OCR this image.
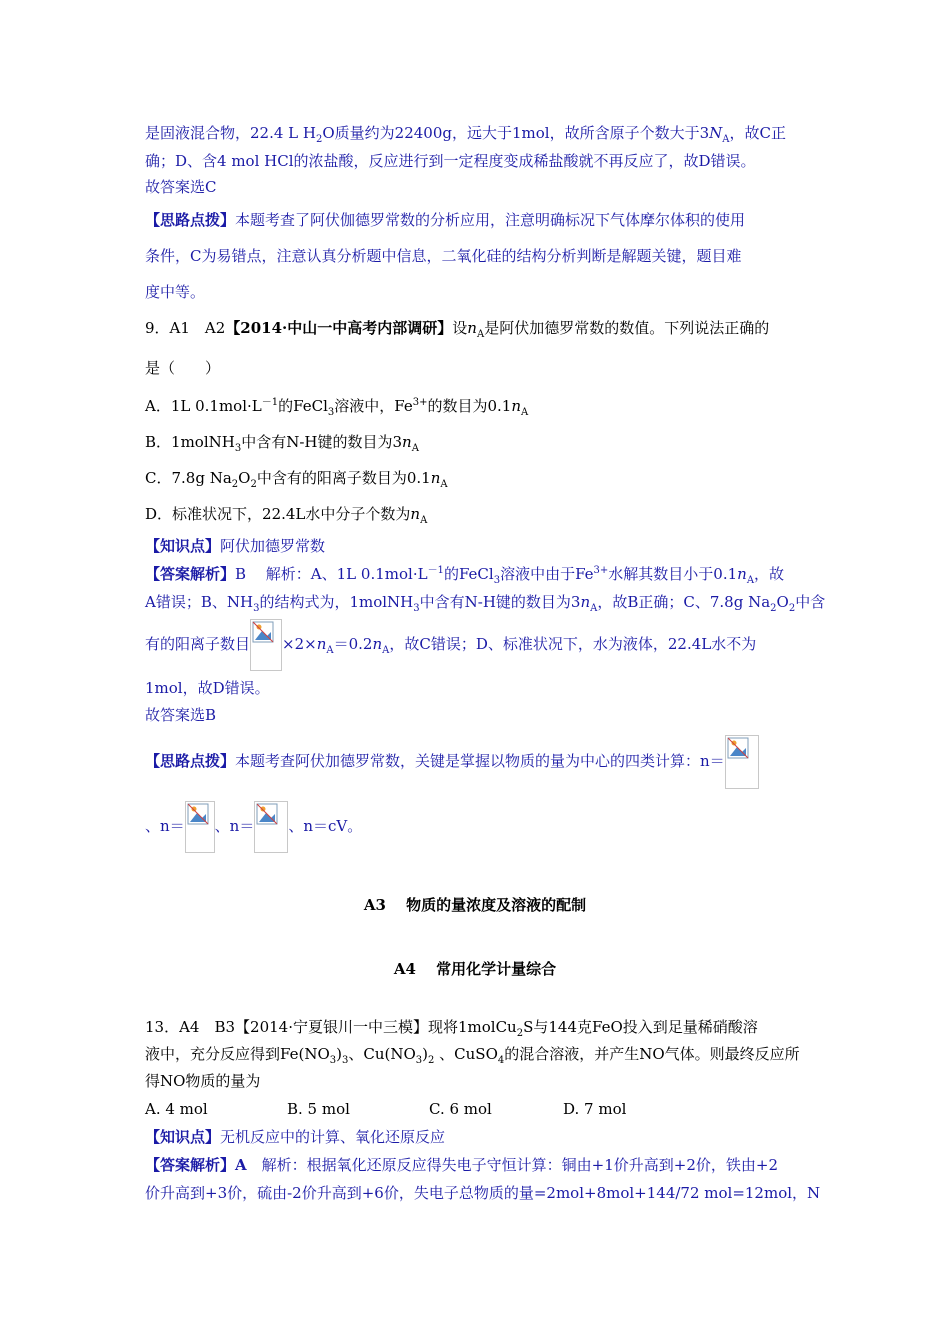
是固液混合物，22.4 L $H_2O$质量约为22400g，远大于1mol，故所含原子个数大于$3N_A$，故C正
确；D、含4 mol HCl的浓盐酸，反应进行到一定程度变成稀盐酸就不再反应了，故D错误。
故答案选C
【思路点拨】本题考查了阿伏伽德罗常数的分析应用，注意明确标况下气体摩尔体积的使用
条件，C为易错点，注意认真分析题中信息，二氧化硅的结构分析判断是解题关键，题目难
度中等。
9．A1　A2【2014·中山一中高考内部调研】设$n_A$是阿伏加德罗常数的数值。下列说法正确的
是（　　）
A．1L $0.1mol\cdot L^{-1}$的FeCl$_3$溶液中，$Fe^{3+}$的数目为$0.1n_A$
B．1molNH$_3$中含有N-H键的数目为$3n_A$
C．7.8g $Na_2O_2$中含有的阳离子数目为$0.1n_A$
D．标准状况下，22.4L水中分子个数为$n_A$
【知识点】阿伏加德罗常数
【答案解析】B　 解析：A、1L $0.1mol\cdot L^{-1}$的FeCl$_3$溶液中由于$Fe^{3+}$水解其数目小于$0.1n_A$，故
A错误；B、$NH_3$的结构式为，1molNH$_3$中含有N-H键的数目为$3n_A$，故B正确；C、7.8g $Na_2O_2$中含
有的阳离子数目 $\times 2\times n_A=0.2n_A$，故C错误；D、标准状况下，水为液体，22.4L水不为
1mol，故D错误。
故答案选B
【思路点拨】本题考查阿伏加德罗常数，关键是掌握以物质的量为中心的四类计算：n＝
、n＝ 、n＝ 、n＝cV。
A3　 物质的量浓度及溶液的配制
A4　 常用化学计量综合
13．A4　B3【2014·宁夏银川一中三模】现将1molCu$_2$S与144克FeO投入到足量稀硝酸溶
液中，充分反应得到$Fe(NO_3)_3$、$Cu(NO_3)_2$ 、CuSO$_4$的混合溶液，并产生NO气体。则最终反应所
得NO物质的量为
A. 4 mol	B. 5 mol	C. 6 mol	D. 7 mol
【知识点】无机反应中的计算、氧化还原反应
【答案解析】A　解析：根据氧化还原反应得失电子守恒计算：铜由+1价升高到+2价，铁由+2
价升高到+3价，硫由-2价升高到+6价，失电子总物质的量=2mol+8mol+144/72 mol=12mol，N
